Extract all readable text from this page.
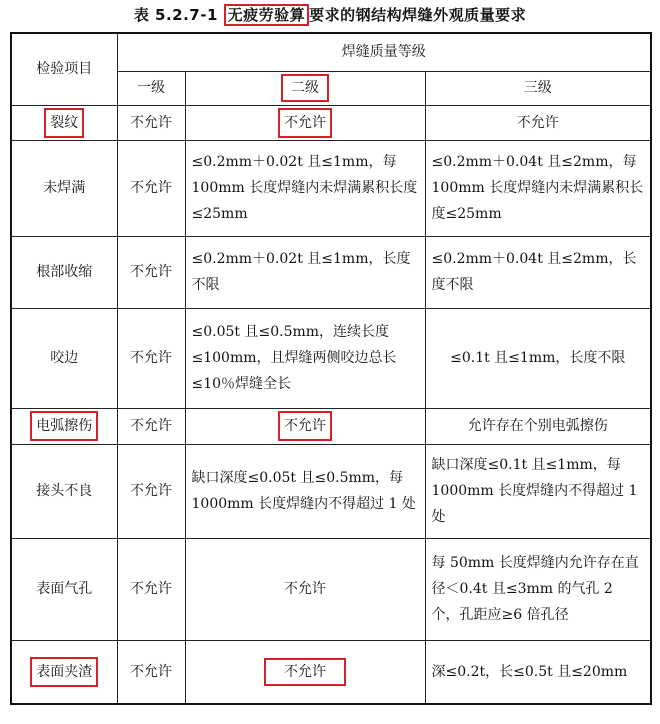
表 5.2.7-1 无疲劳验算 要求的钢结构焊缝外观质量要求
检验项目	焊缝质量等级		
	一级	二级	三级
裂纹	不允许	不允许	不允许
未焊满	不允许	≤0.2mm＋0.02t 且≤1mm，每 100mm 长度焊缝内未焊满累积长度≤25mm	≤0.2mm＋0.04t 且≤2mm，每 100mm 长度焊缝内未焊满累积长度≤25mm
根部收缩	不允许	≤0.2mm＋0.02t 且≤1mm，长度不限	≤0.2mm＋0.04t 且≤2mm，长度不限
咬边	不允许	≤0.05t 且≤0.5mm，连续长度≤100mm，且焊缝两侧咬边总长≤10％焊缝全长	≤0.1t 且≤1mm，长度不限
电弧擦伤	不允许	不允许	允许存在个别电弧擦伤
接头不良	不允许	缺口深度≤0.05t 且≤0.5mm，每 1000mm 长度焊缝内不得超过 1 处	缺口深度≤0.1t 且≤1mm，每 1000mm 长度焊缝内不得超过 1 处
表面气孔	不允许	不允许	每 50mm 长度焊缝内允许存在直径＜0.4t 且≤3mm 的气孔 2 个，孔距应≥6 倍孔径
表面夹渣	不允许	不允许	深≤0.2t，长≤0.5t 且≤20mm
